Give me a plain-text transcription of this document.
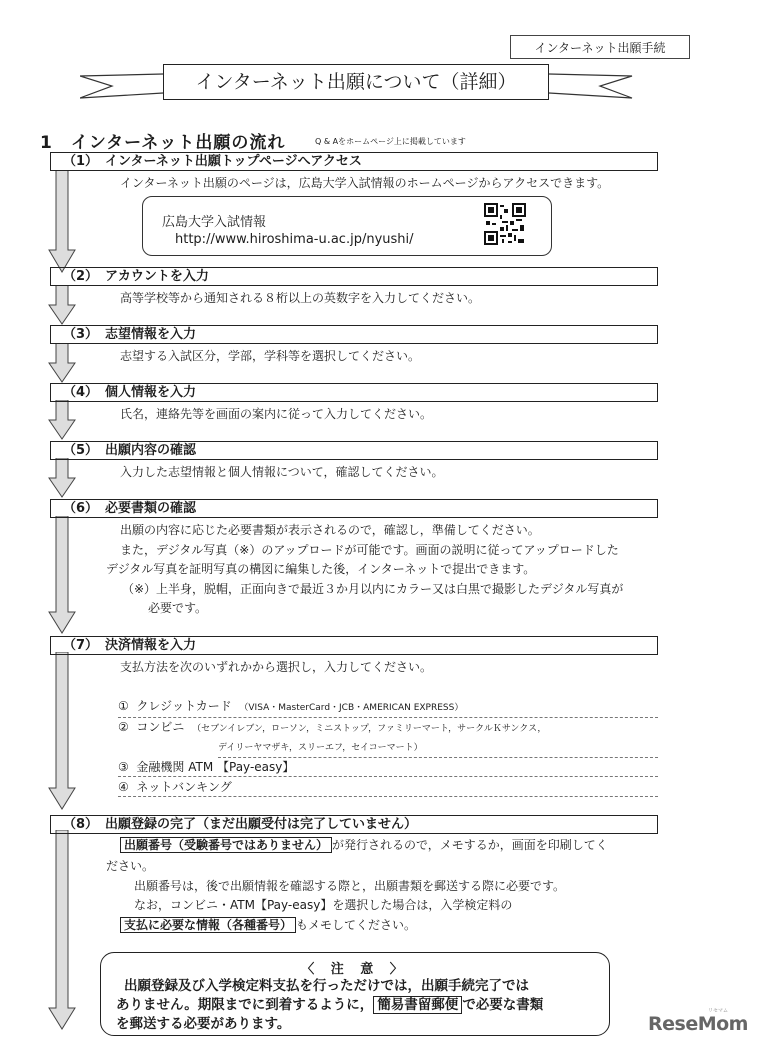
インターネット出願手続
インターネット出願について（詳細）
1 インターネット出願の流れ	Q & Aをホームページ上に掲載しています
（1） インターネット出願トップページへアクセス
インターネット出願のページは，広島大学入試情報のホームページからアクセスできます。
広島大学入試情報
http://www.hiroshima-u.ac.jp/nyushi/
（2） アカウントを入力
高等学校等から通知される８桁以上の英数字を入力してください。
（3） 志望情報を入力
志望する入試区分，学部，学科等を選択してください。
（4） 個人情報を入力
氏名，連絡先等を画面の案内に従って入力してください。
（5） 出願内容の確認
入力した志望情報と個人情報について，確認してください。
（6） 必要書類の確認
出願の内容に応じた必要書類が表示されるので，確認し，準備してください。
また，デジタル写真（※）のアップロードが可能です。画面の説明に従ってアップロードした
デジタル写真を証明写真の構図に編集した後，インターネットで提出できます。
（※）上半身，脱帽，正面向きで最近３か月以内にカラー又は白黒で撮影したデジタル写真が
必要です。
（7） 決済情報を入力
支払方法を次のいずれかから選択し，入力してください。
① クレジットカード （VISA・MasterCard・JCB・AMERICAN EXPRESS）
② コンビニ （セブンイレブン，ローソン，ミニストップ，ファミリーマート，サークルＫサンクス，
デイリーヤマザキ，スリーエフ，セイコーマート）
③ 金融機関 ATM 【Pay-easy】
④ ネットバンキング
（8） 出願登録の完了（まだ出願受付は完了していません）
出願番号（受験番号ではありません） が発行されるので，メモするか，画面を印刷してく
ださい。
出願番号は，後で出願情報を確認する際と，出願書類を郵送する際に必要です。
なお，コンビニ・ATM【Pay-easy】を選択した場合は，入学検定料の
支払に必要な情報（各種番号） もメモしてください。
〈 注 意 〉
出願登録及び入学検定料支払を行っただけでは，出願手続完了では
ありません。期限までに到着するように， 簡易書留郵便 で必要な書類
を郵送する必要があります。
リセマム
ReseMom
